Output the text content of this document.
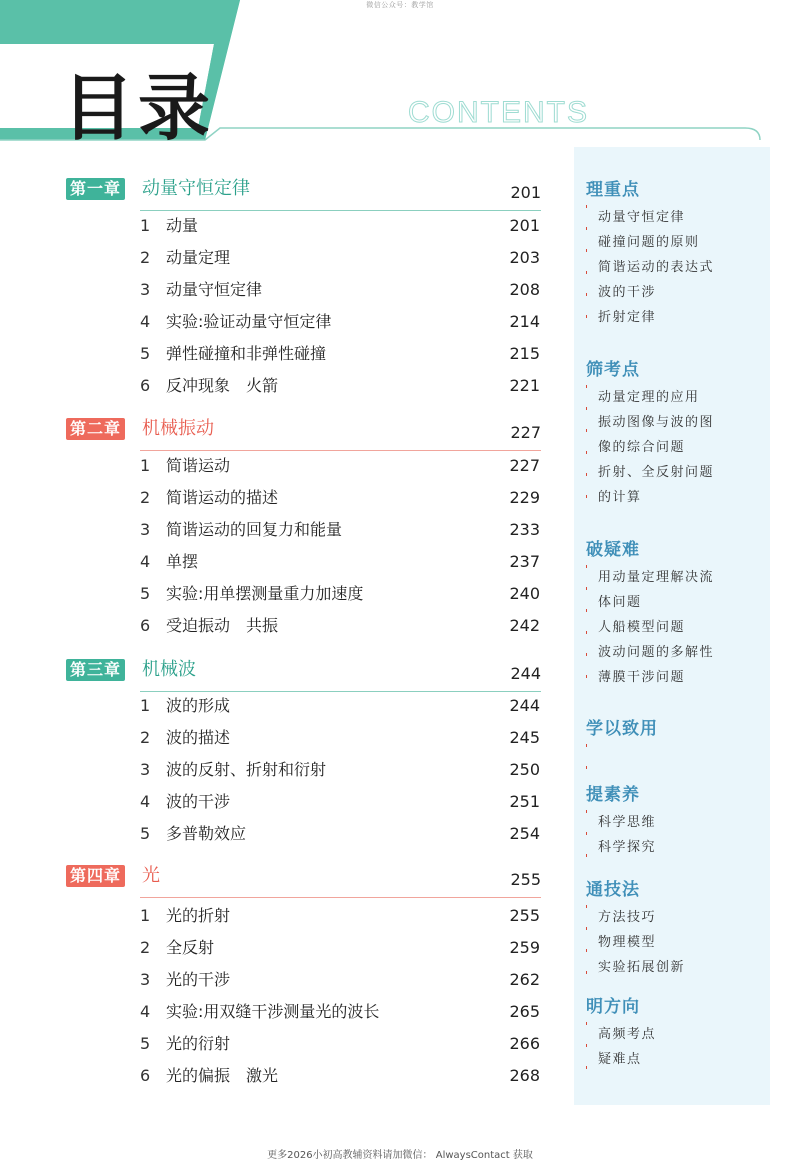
微信公众号：教学馆
目录	CONTENTS
理重点
动量守恒定律
碰撞问题的原则
简谐运动的表达式
波的干涉
折射定律
筛考点
动量定理的应用
振动图像与波的图
像的综合问题
折射、全反射问题
的计算
破疑难
用动量定理解决流
体问题
人船模型问题
波动问题的多解性
薄膜干涉问题
学以致用
提素养
科学思维
科学探究
通技法
方法技巧
物理模型
实验拓展创新
明方向
高频考点
疑难点
更多2026小初高教辅资料请加微信： AlwaysContact 获取
第一章 动量守恒定律	201
1 动量	201
2 动量定理	203
3 动量守恒定律	208
4 实验:验证动量守恒定律	214
5 弹性碰撞和非弹性碰撞	215
6 反冲现象　火箭	221
第二章 机械振动	227
1 简谐运动	227
2 简谐运动的描述	229
3 简谐运动的回复力和能量	233
4 单摆	237
5 实验:用单摆测量重力加速度	240
6 受迫振动　共振	242
第三章 机械波	244
1 波的形成	244
2 波的描述	245
3 波的反射、折射和衍射	250
4 波的干涉	251
5 多普勒效应	254
第四章 光	255
1 光的折射	255
2 全反射	259
3 光的干涉	262
4 实验:用双缝干涉测量光的波长	265
5 光的衍射	266
6 光的偏振　激光	268
